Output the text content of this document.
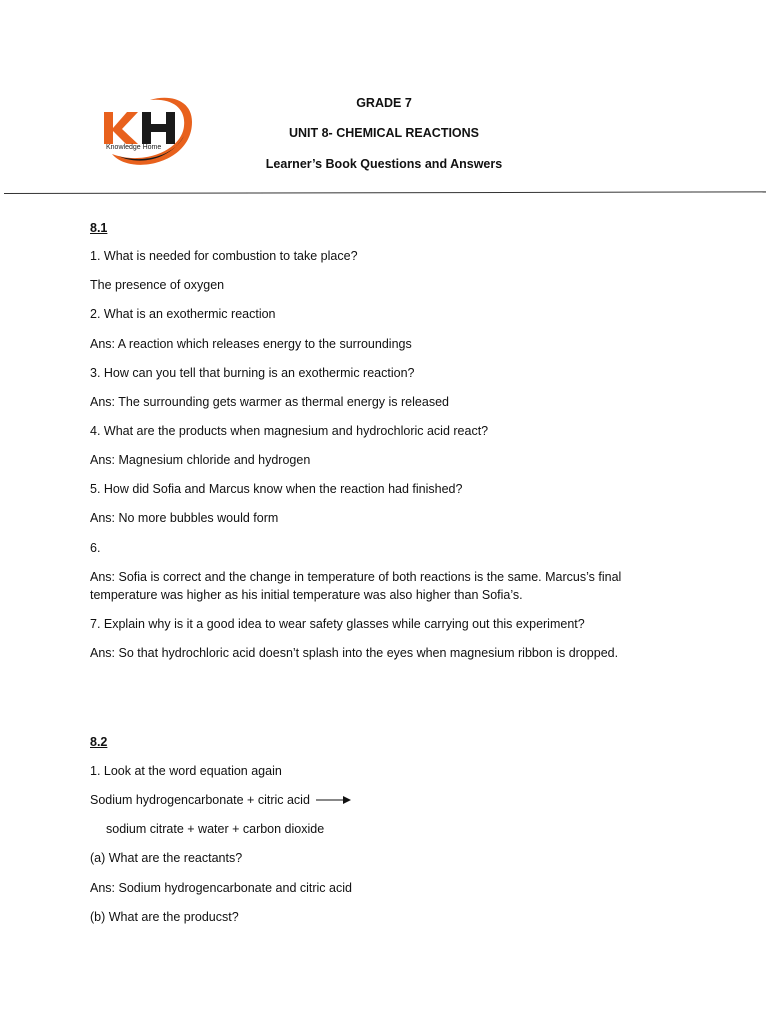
Knowledge Home
GRADE 7
UNIT 8- CHEMICAL REACTIONS
Learner’s Book Questions and Answers
8.1
1. What is needed for combustion to take place?
The presence of oxygen
2. What is an exothermic reaction
Ans: A reaction which releases energy to the surroundings
3. How can you tell that burning is an exothermic reaction?
Ans: The surrounding gets warmer as thermal energy is released
4. What are the products when magnesium and hydrochloric acid react?
Ans: Magnesium chloride and hydrogen
5. How did Sofia and Marcus know when the reaction had finished?
Ans: No more bubbles would form
6.
Ans: Sofia is correct and the change in temperature of both reactions is the same. Marcus’s final temperature was higher as his initial temperature was also higher than Sofia’s.
7. Explain why is it a good idea to wear safety glasses while carrying out this experiment?
Ans: So that hydrochloric acid doesn’t splash into the eyes when magnesium ribbon is dropped.
8.2
1. Look at the word equation again
Sodium hydrogencarbonate + citric acid
sodium citrate + water + carbon dioxide
(a) What are the reactants?
Ans: Sodium hydrogencarbonate and citric acid
(b) What are the producst?
